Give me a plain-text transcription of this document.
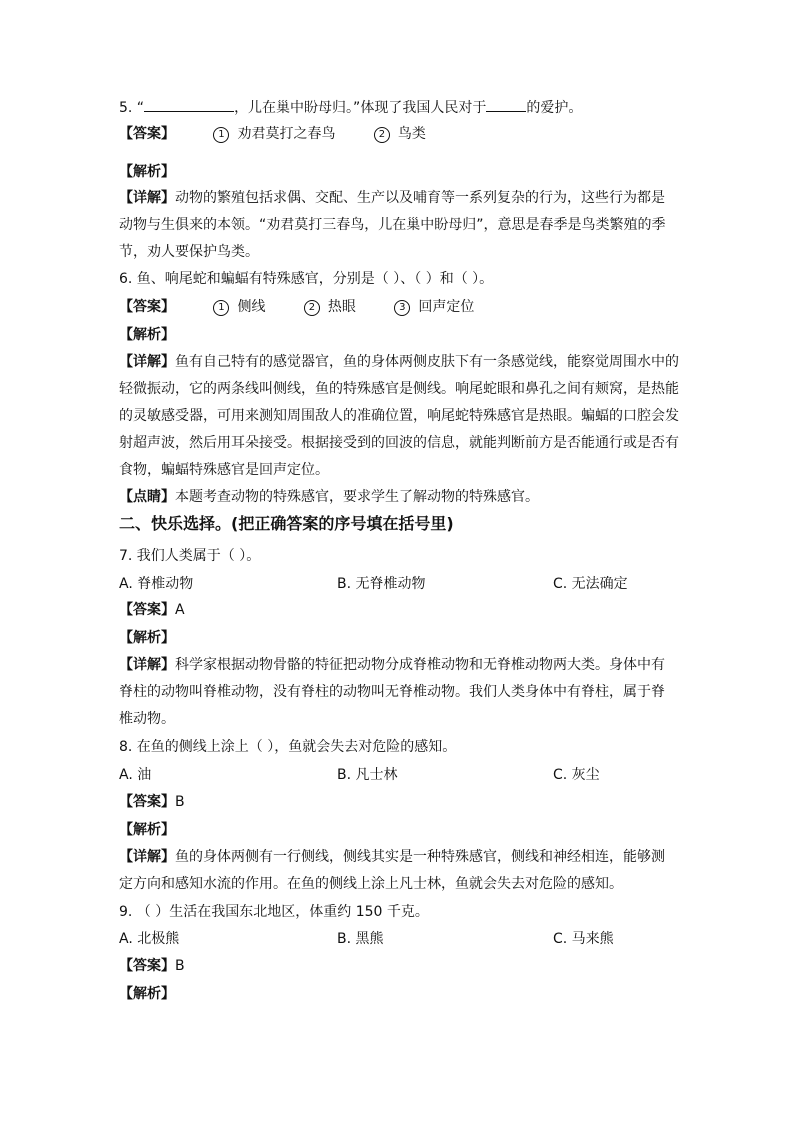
5. “	，儿在巢中盼母归。”体现了我国人民对于	的爱护。
【答案】	1 劝君莫打之春鸟	2 鸟类
【解析】
【详解】动物的繁殖包括求偶、交配、生产以及哺育等一系列复杂的行为，这些行为都是
动物与生俱来的本领。“劝君莫打三春鸟，儿在巢中盼母归”，意思是春季是鸟类繁殖的季
节，劝人要保护鸟类。
6. 鱼、响尾蛇和蝙蝠有特殊感官，分别是（ ）、（ ）和（ ）。
【答案】	1 侧线	2 热眼	3 回声定位
【解析】
【详解】鱼有自己特有的感觉器官，鱼的身体两侧皮肤下有一条感觉线，能察觉周围水中的
轻微振动，它的两条线叫侧线，鱼的特殊感官是侧线。响尾蛇眼和鼻孔之间有颊窝，是热能
的灵敏感受器，可用来测知周围敌人的准确位置，响尾蛇特殊感官是热眼。蝙蝠的口腔会发
射超声波，然后用耳朵接受。根据接受到的回波的信息，就能判断前方是否能通行或是否有
食物，蝙蝠特殊感官是回声定位。
【点睛】本题考查动物的特殊感官，要求学生了解动物的特殊感官。
二、快乐选择。(把正确答案的序号填在括号里)
7. 我们人类属于（ ）。
A. 脊椎动物	B. 无脊椎动物	C. 无法确定
【答案】A
【解析】
【详解】科学家根据动物骨骼的特征把动物分成脊椎动物和无脊椎动物两大类。身体中有
脊柱的动物叫脊椎动物，没有脊柱的动物叫无脊椎动物。我们人类身体中有脊柱，属于脊
椎动物。
8. 在鱼的侧线上涂上（ ），鱼就会失去对危险的感知。
A. 油	B. 凡士林	C. 灰尘
【答案】B
【解析】
【详解】鱼的身体两侧有一行侧线，侧线其实是一种特殊感官，侧线和神经相连，能够测
定方向和感知水流的作用。在鱼的侧线上涂上凡士林，鱼就会失去对危险的感知。
9. （ ）生活在我国东北地区，体重约 150 千克。
A. 北极熊	B. 黑熊	C. 马来熊
【答案】B
【解析】
